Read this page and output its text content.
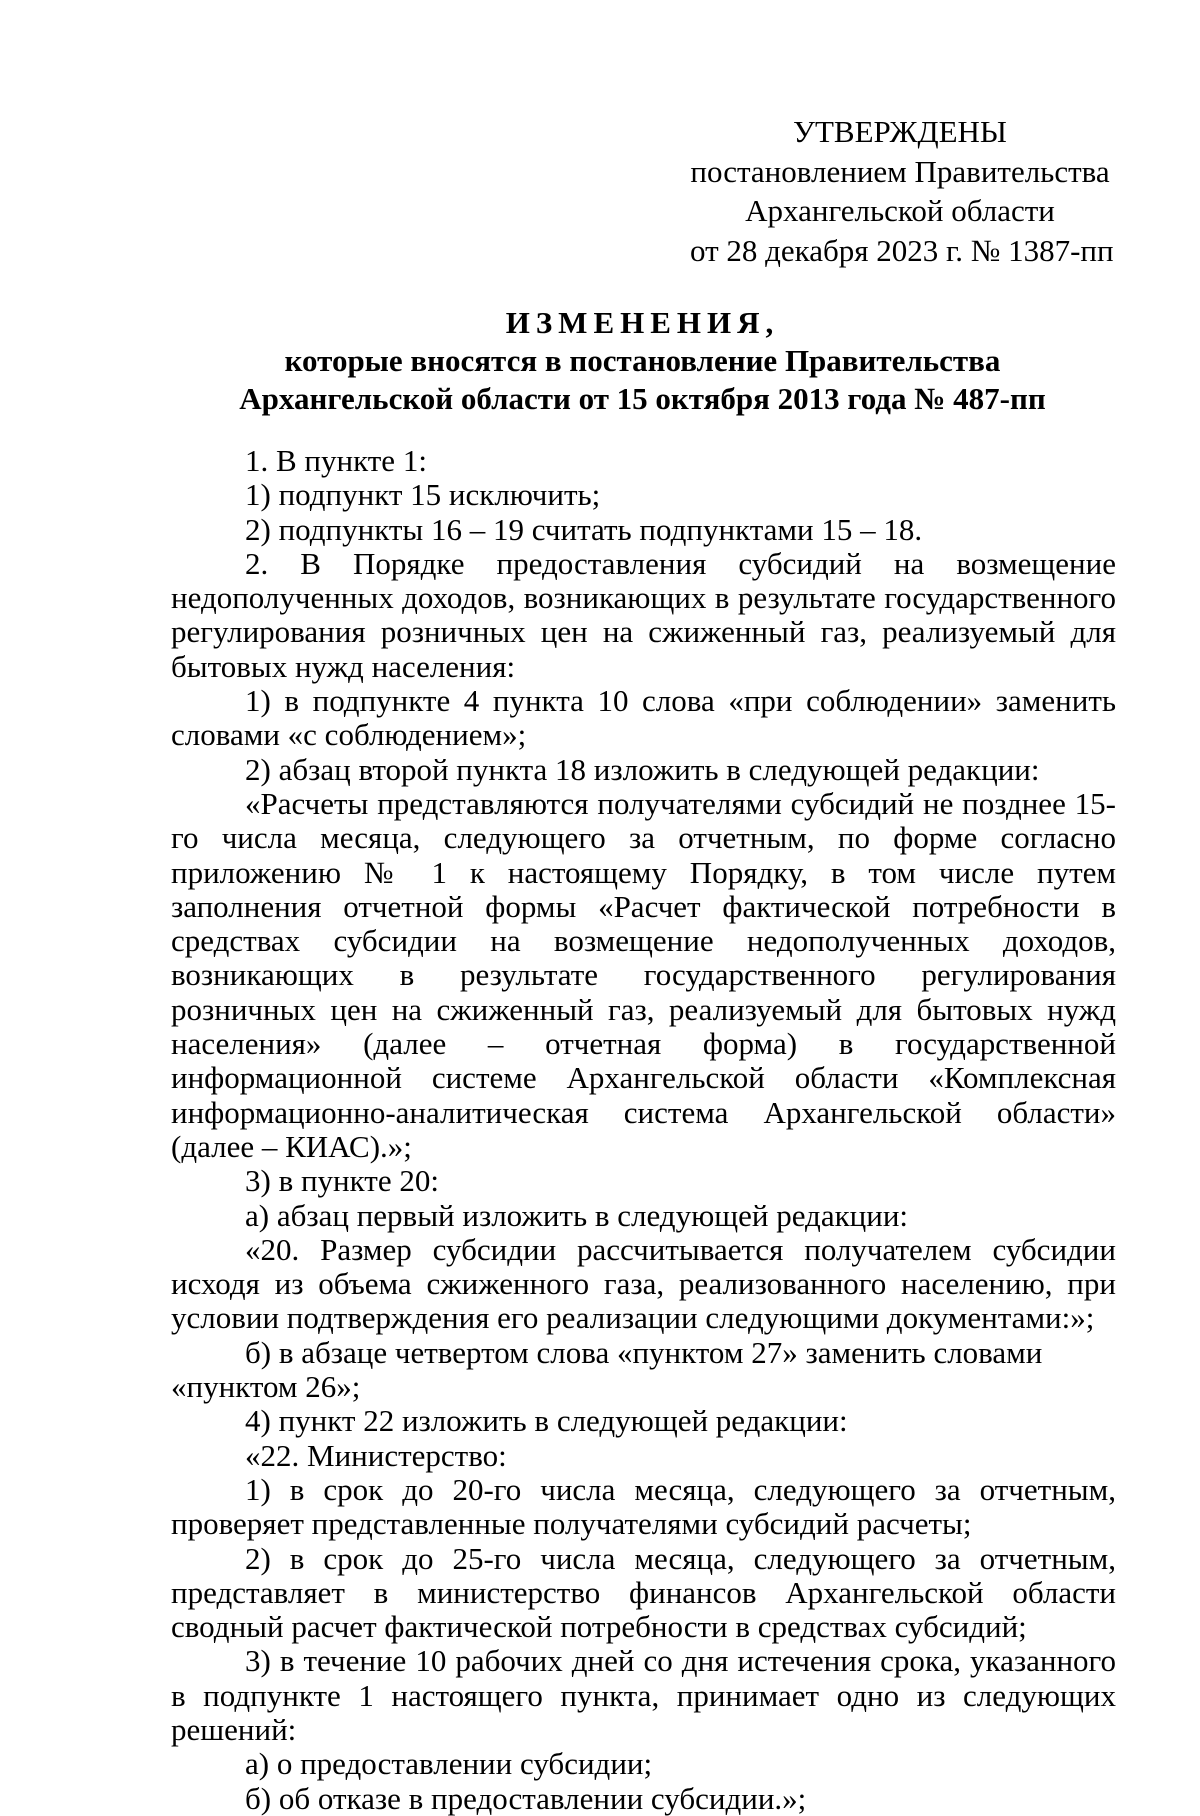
УТВЕРЖДЕНЫ
постановлением Правительства
Архангельской области
от 28 декабря 2023 г. № 1387-пп
ИЗМЕНЕНИЯ,
которые вносятся в постановление Правительства
Архангельской области от 15 октября 2013 года № 487-пп

1. В пункте 1:

1) подпункт 15 исключить;

2) подпункты 16 – 19 считать подпунктами 15 – 18.

2. В Порядке предоставления субсидий на возмещение недополученных доходов, возникающих в результате государственного регулирования розничных цен на сжиженный газ, реализуемый для бытовых нужд населения:

1) в подпункте 4 пункта 10 слова «при соблюдении» заменить словами «с соблюдением»;

2) абзац второй пункта 18 изложить в следующей редакции:

«Расчеты представляются получателями субсидий не позднее 15-го числа месяца, следующего за отчетным, по форме согласно приложению № 1 к настоящему Порядку, в том числе путем заполнения отчетной формы «Расчет фактической потребности в средствах субсидии на возмещение недополученных доходов, возникающих в результате государственного регулирования розничных цен на сжиженный газ, реализуемый для бытовых нужд населения» (далее – отчетная форма) в государственной информационной системе Архангельской области «Комплексная информационно-аналитическая система Архангельской области» (далее – КИАС).»;

3) в пункте 20:

а) абзац первый изложить в следующей редакции:

«20. Размер субсидии рассчитывается получателем субсидии исходя из объема сжиженного газа, реализованного населению, при условии подтверждения его реализации следующими документами:»;

б) в абзаце четвертом слова «пунктом 27» заменить словами «пунктом 26»;

4) пункт 22 изложить в следующей редакции:

«22. Министерство:

1) в срок до 20-го числа месяца, следующего за отчетным, проверяет представленные получателями субсидий расчеты;

2) в срок до 25-го числа месяца, следующего за отчетным, представляет в министерство финансов Архангельской области сводный расчет фактической потребности в средствах субсидий;

3) в течение 10 рабочих дней со дня истечения срока, указанного в подпункте 1 настоящего пункта, принимает одно из следующих решений:

а) о предоставлении субсидии;

б) об отказе в предоставлении субсидии.»;
